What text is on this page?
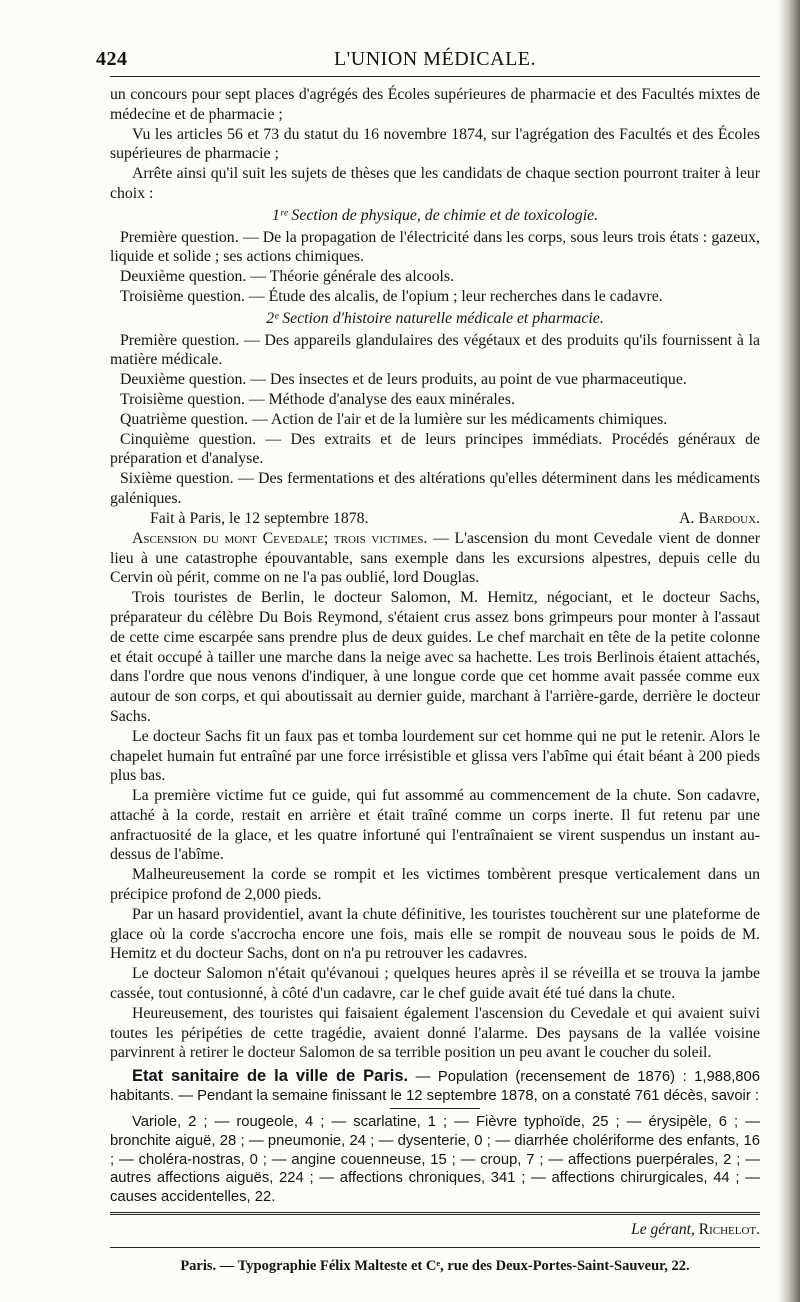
424	L'UNION MÉDICALE.

un concours pour sept places d'agrégés des Écoles supérieures de pharmacie et des Facultés mixtes de médecine et de pharmacie ;

Vu les articles 56 et 73 du statut du 16 novembre 1874, sur l'agrégation des Facultés et des Écoles supérieures de pharmacie ;

Arrête ainsi qu'il suit les sujets de thèses que les candidats de chaque section pourront traiter à leur choix :

1ʳᵉ Section de physique, de chimie et de toxicologie.

Première question. — De la propagation de l'électricité dans les corps, sous leurs trois états : gazeux, liquide et solide ; ses actions chimiques.

Deuxième question. — Théorie générale des alcools.

Troisième question. — Étude des alcalis, de l'opium ; leur recherches dans le cadavre.

2ᵉ Section d'histoire naturelle médicale et pharmacie.

Première question. — Des appareils glandulaires des végétaux et des produits qu'ils fournissent à la matière médicale.

Deuxième question. — Des insectes et de leurs produits, au point de vue pharmaceutique.

Troisième question. — Méthode d'analyse des eaux minérales.

Quatrième question. — Action de l'air et de la lumière sur les médicaments chimiques.

Cinquième question. — Des extraits et de leurs principes immédiats. Procédés généraux de préparation et d'analyse.

Sixième question. — Des fermentations et des altérations qu'elles déterminent dans les médicaments galéniques.

Fait à Paris, le 12 septembre 1878.	A. Bardoux.

Ascension du mont Cevedale; trois victimes. — L'ascension du mont Cevedale vient de donner lieu à une catastrophe épouvantable, sans exemple dans les excursions alpestres, depuis celle du Cervin où périt, comme on ne l'a pas oublié, lord Douglas.

Trois touristes de Berlin, le docteur Salomon, M. Hemitz, négociant, et le docteur Sachs, préparateur du célèbre Du Bois Reymond, s'étaient crus assez bons grimpeurs pour monter à l'assaut de cette cime escarpée sans prendre plus de deux guides. Le chef marchait en tête de la petite colonne et était occupé à tailler une marche dans la neige avec sa hachette. Les trois Berlinois étaient attachés, dans l'ordre que nous venons d'indiquer, à une longue corde que cet homme avait passée comme eux autour de son corps, et qui aboutissait au dernier guide, marchant à l'arrière-garde, derrière le docteur Sachs.

Le docteur Sachs fit un faux pas et tomba lourdement sur cet homme qui ne put le retenir. Alors le chapelet humain fut entraîné par une force irrésistible et glissa vers l'abîme qui était béant à 200 pieds plus bas.

La première victime fut ce guide, qui fut assommé au commencement de la chute. Son cadavre, attaché à la corde, restait en arrière et était traîné comme un corps inerte. Il fut retenu par une anfractuosité de la glace, et les quatre infortuné qui l'entraînaient se virent suspendus un instant au-dessus de l'abîme.

Malheureusement la corde se rompit et les victimes tombèrent presque verticalement dans un précipice profond de 2,000 pieds.

Par un hasard providentiel, avant la chute définitive, les touristes touchèrent sur une plateforme de glace où la corde s'accrocha encore une fois, mais elle se rompit de nouveau sous le poids de M. Hemitz et du docteur Sachs, dont on n'a pu retrouver les cadavres.

Le docteur Salomon n'était qu'évanoui ; quelques heures après il se réveilla et se trouva la jambe cassée, tout contusionné, à côté d'un cadavre, car le chef guide avait été tué dans la chute.

Heureusement, des touristes qui faisaient également l'ascension du Cevedale et qui avaient suivi toutes les péripéties de cette tragédie, avaient donné l'alarme. Des paysans de la vallée voisine parvinrent à retirer le docteur Salomon de sa terrible position un peu avant le coucher du soleil.

Etat sanitaire de la ville de Paris. — Population (recensement de 1876) : 1,988,806 habitants. — Pendant la semaine finissant le 12 septembre 1878, on a constaté 761 décès, savoir :

Variole, 2 ; — rougeole, 4 ; — scarlatine, 1 ; — Fièvre typhoïde, 25 ; — érysipèle, 6 ; — bronchite aiguë, 28 ; — pneumonie, 24 ; — dysenterie, 0 ; — diarrhée cholériforme des enfants, 16 ; — choléra-nostras, 0 ; — angine couenneuse, 15 ; — croup, 7 ; — affections puerpérales, 2 ; — autres affections aiguës, 224 ; — affections chroniques, 341 ; — affections chirurgicales, 44 ; — causes accidentelles, 22.

Le gérant, Richelot.
Paris. — Typographie Félix Malteste et Cᵉ, rue des Deux-Portes-Saint-Sauveur, 22.
